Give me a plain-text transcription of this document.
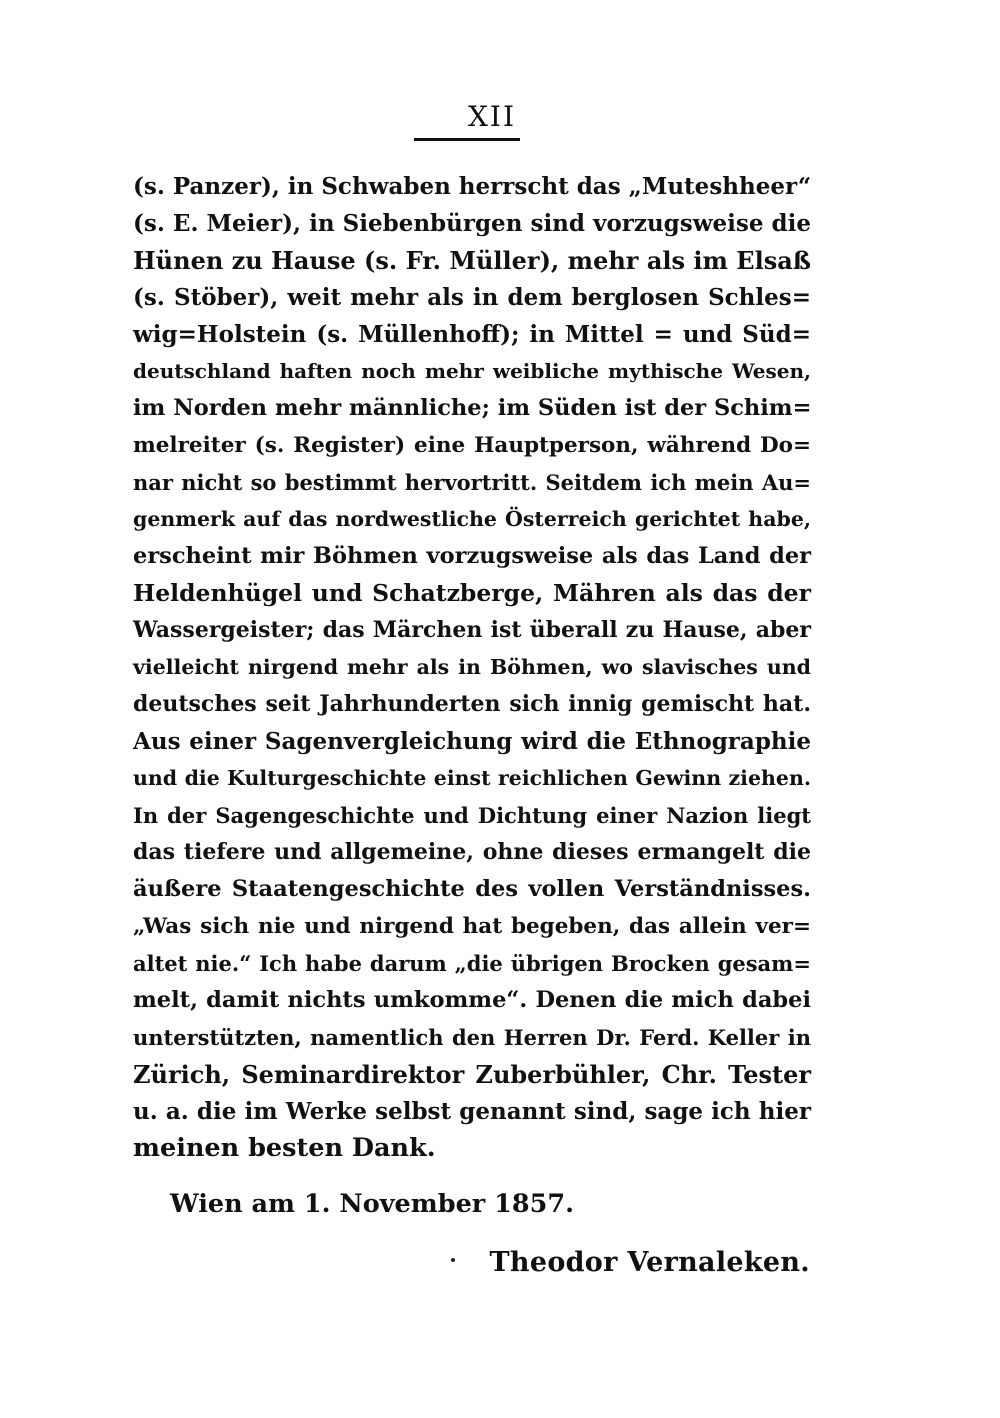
XII
(s. Panzer), in Schwaben herrscht das „Muteshheer“
(s. E. Meier), in Siebenbürgen sind vorzugsweise die
Hünen zu Hause (s. Fr. Müller), mehr als im Elsaß
(s. Stöber), weit mehr als in dem berglosen Schles=
wig=Holstein (s. Müllenhoff); in Mittel = und Süd=
deutschland haften noch mehr weibliche mythische Wesen,
im Norden mehr männliche; im Süden ist der Schim=
melreiter (s. Register) eine Hauptperson, während Do=
nar nicht so bestimmt hervortritt. Seitdem ich mein Au=
genmerk auf das nordwestliche Österreich gerichtet habe,
erscheint mir Böhmen vorzugsweise als das Land der
Heldenhügel und Schatzberge, Mähren als das der
Wassergeister; das Märchen ist überall zu Hause, aber
vielleicht nirgend mehr als in Böhmen, wo slavisches und
deutsches seit Jahrhunderten sich innig gemischt hat.
Aus einer Sagenvergleichung wird die Ethnographie
und die Kulturgeschichte einst reichlichen Gewinn ziehen.
In der Sagengeschichte und Dichtung einer Nazion liegt
das tiefere und allgemeine, ohne dieses ermangelt die
äußere Staatengeschichte des vollen Verständnisses.
„Was sich nie und nirgend hat begeben, das allein ver=
altet nie.“ Ich habe darum „die übrigen Brocken gesam=
melt, damit nichts umkomme“. Denen die mich dabei
unterstützten, namentlich den Herren Dr. Ferd. Keller in
Zürich, Seminardirektor Zuberbühler, Chr. Tester
u. a. die im Werke selbst genannt sind, sage ich hier
meinen besten Dank.
Wien am 1. November 1857.
Theodor Vernaleken.
